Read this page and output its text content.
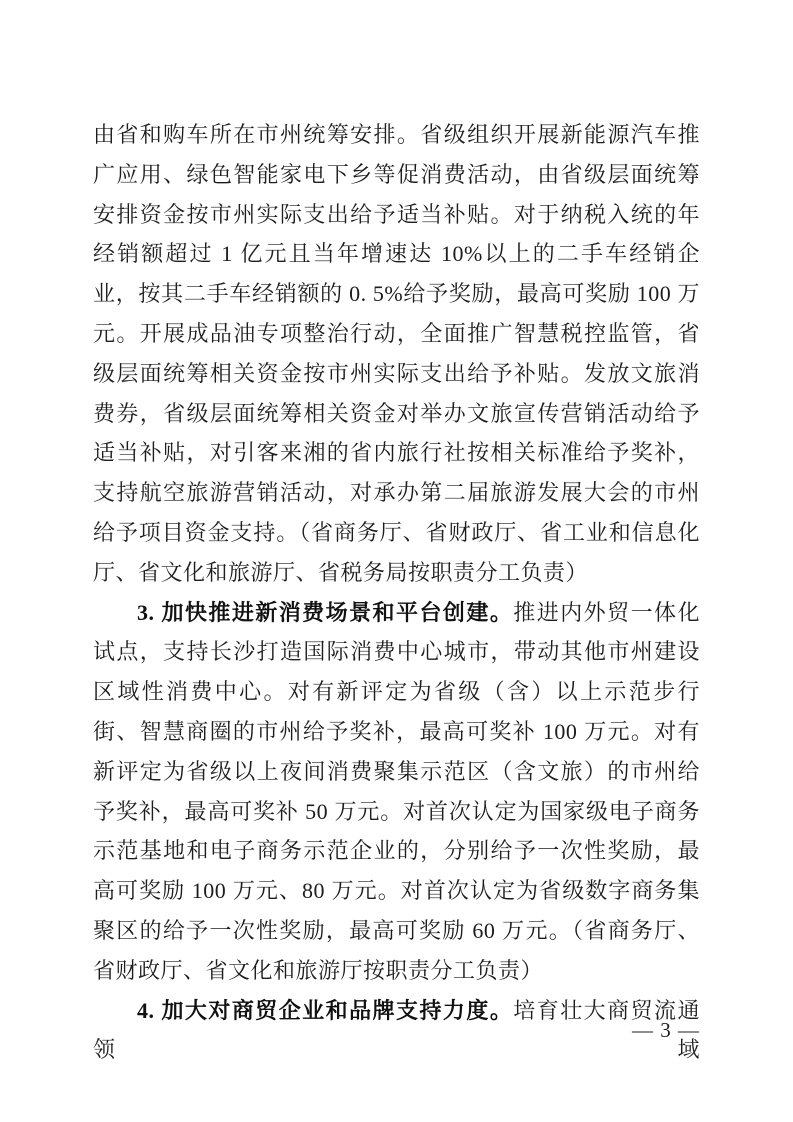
由省和购车所在市州统筹安排。省级组织开展新能源汽车推广应用、绿色智能家电下乡等促消费活动，由省级层面统筹安排资金按市州实际支出给予适当补贴。对于纳税入统的年经销额超过 1 亿元且当年增速达 10%以上的二手车经销企业，按其二手车经销额的 0. 5%给予奖励，最高可奖励 100 万元。开展成品油专项整治行动，全面推广智慧税控监管，省级层面统筹相关资金按市州实际支出给予补贴。发放文旅消费券，省级层面统筹相关资金对举办文旅宣传营销活动给予适当补贴，对引客来湘的省内旅行社按相关标准给予奖补，支持航空旅游营销活动，对承办第二届旅游发展大会的市州给予项目资金支持。（省商务厅、省财政厅、省工业和信息化厅、省文化和旅游厅、省税务局按职责分工负责）

3. 加快推进新消费场景和平台创建。推进内外贸一体化试点，支持长沙打造国际消费中心城市，带动其他市州建设区域性消费中心。对有新评定为省级（含）以上示范步行街、智慧商圈的市州给予奖补，最高可奖补 100 万元。对有新评定为省级以上夜间消费聚集示范区（含文旅）的市州给予奖补，最高可奖补 50 万元。对首次认定为国家级电子商务示范基地和电子商务示范企业的，分别给予一次性奖励，最高可奖励 100 万元、80 万元。对首次认定为省级数字商务集聚区的给予一次性奖励，最高可奖励 60 万元。（省商务厅、省财政厅、省文化和旅游厅按职责分工负责）

4. 加大对商贸企业和品牌支持力度。培育壮大商贸流通领域

— 3 —
